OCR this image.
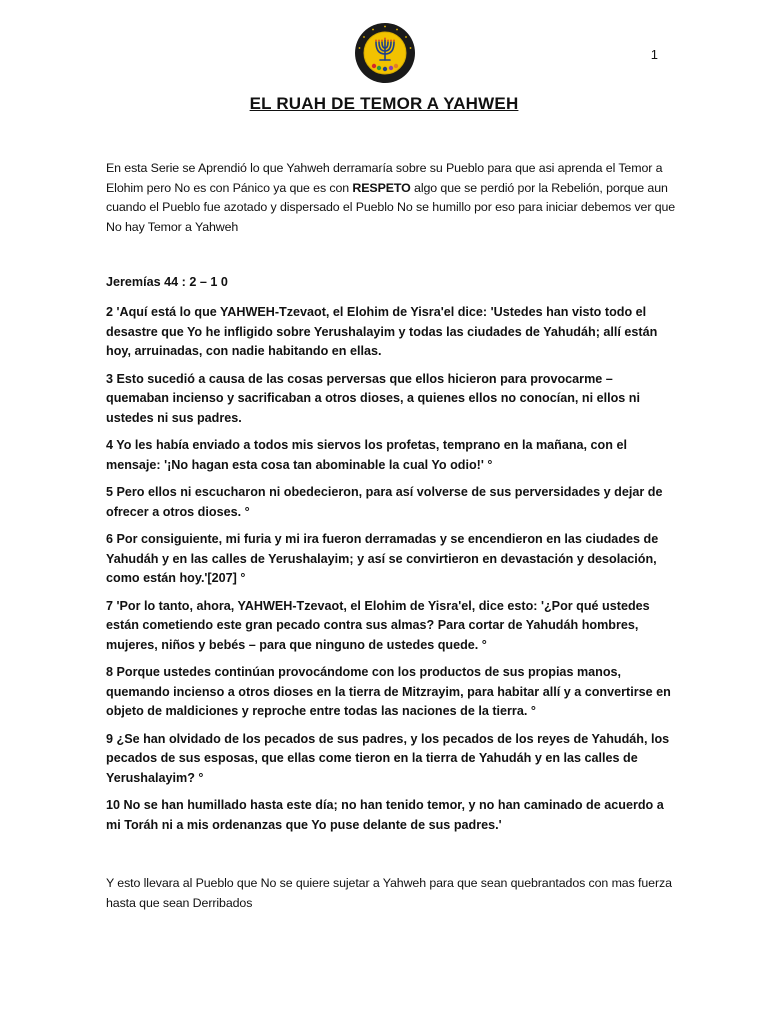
1
EL RUAH DE TEMOR A YAHWEH
En esta Serie se Aprendió lo que Yahweh derramaría sobre su Pueblo para que asi aprenda el Temor a Elohim pero No es con Pánico ya que es con RESPETO algo que se perdió por la Rebelión, porque aun cuando el Pueblo fue azotado y dispersado el Pueblo No se humillo por eso para iniciar debemos ver que No hay Temor a Yahweh
Jeremías 44 : 2 – 1 0

2 'Aquí está lo que YAHWEH-Tzevaot, el Elohim de Yisra'el dice: 'Ustedes han visto todo el desastre que Yo he infligido sobre Yerushalayim y todas las ciudades de Yahudáh; allí están hoy, arruinadas, con nadie habitando en ellas.

3 Esto sucedió a causa de las cosas perversas que ellos hicieron para provocarme – quemaban incienso y sacrificaban a otros dioses, a quienes ellos no conocían, ni ellos ni ustedes ni sus padres.

4 Yo les había enviado a todos mis siervos los profetas, temprano en la mañana, con el mensaje: '¡No hagan esta cosa tan abominable la cual Yo odio!' °

5 Pero ellos ni escucharon ni obedecieron, para así volverse de sus perversidades y dejar de ofrecer a otros dioses. °

6 Por consiguiente, mi furia y mi ira fueron derramadas y se encendieron en las ciudades de Yahudáh y en las calles de Yerushalayim; y así se convirtieron en devastación y desolación, como están hoy.'[207] °

7 'Por lo tanto, ahora, YAHWEH-Tzevaot, el Elohim de Yisra'el, dice esto: '¿Por qué ustedes están cometiendo este gran pecado contra sus almas? Para cortar de Yahudáh hombres, mujeres, niños y bebés – para que ninguno de ustedes quede. °

8 Porque ustedes continúan provocándome con los productos de sus propias manos, quemando incienso a otros dioses en la tierra de Mitzrayim, para habitar allí y a convertirse en objeto de maldiciones y reproche entre todas las naciones de la tierra. °

9 ¿Se han olvidado de los pecados de sus padres, y los pecados de los reyes de Yahudáh, los pecados de sus esposas, que ellas come tieron en la tierra de Yahudáh y en las calles de Yerushalayim? °

10 No se han humillado hasta este día; no han tenido temor, y no han caminado de acuerdo a mi Toráh ni a mis ordenanzas que Yo puse delante de sus padres.'

Y esto llevara al Pueblo que No se quiere sujetar a Yahweh para que sean quebrantados con mas fuerza hasta que sean Derribados
